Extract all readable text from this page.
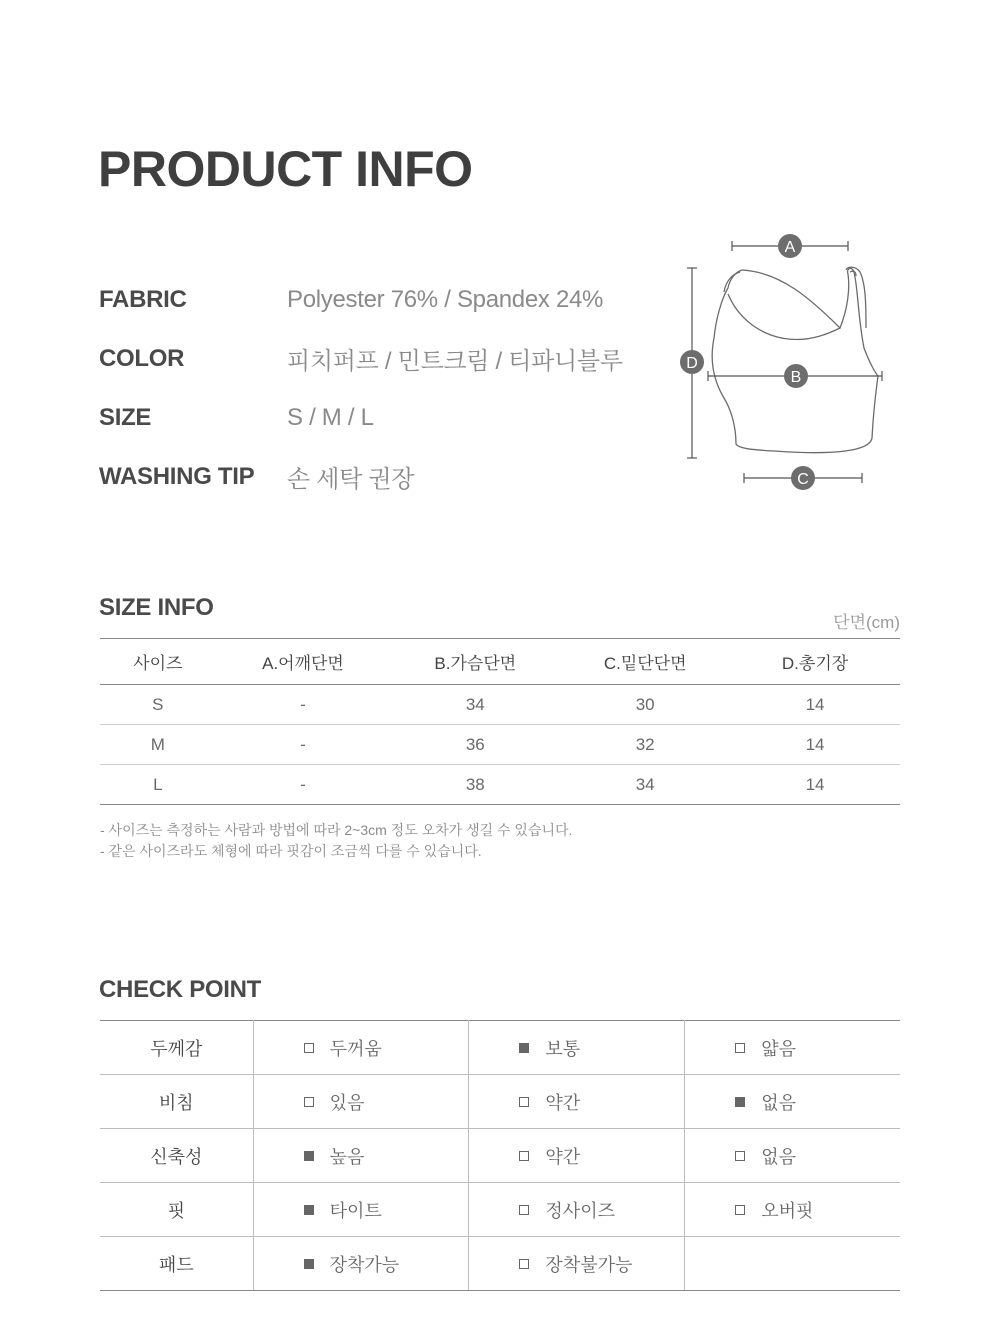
PRODUCT INFO
FABRIC	Polyester 76% / Spandex 24%
COLOR	피치퍼프 / 민트크림 / 티파니블루
SIZE	S / M / L
WASHING TIP	손 세탁 권장
A
D
B
C
SIZE INFO
단면(cm)
사이즈	A.어깨단면	B.가슴단면	C.밑단단면	D.총기장
S	-	34	30	14
M	-	36	32	14
L	-	38	34	14

- 사이즈는 측정하는 사람과 방법에 따라 2~3cm 정도 오차가 생길 수 있습니다.

- 같은 사이즈라도 체형에 따라 핏감이 조금씩 다를 수 있습니다.

CHECK POINT
두께감	두꺼움	보통	얇음

비침	있음	약간	없음

신축성	높음	약간	없음

핏	타이트	정사이즈	오버핏

패드	장착가능	장착불가능	
